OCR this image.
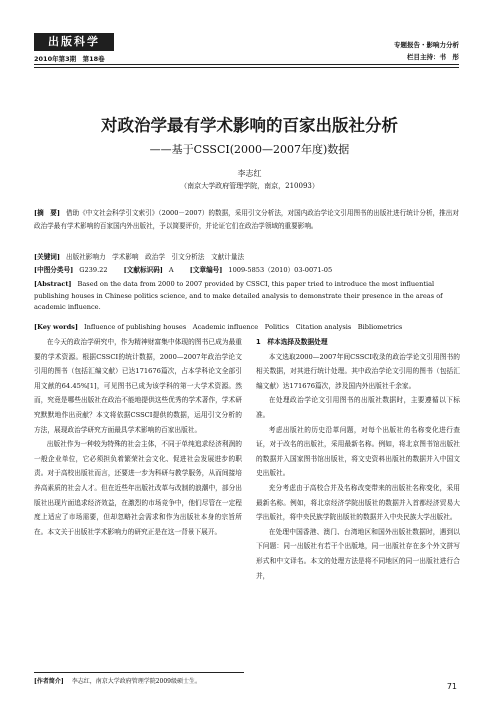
出版科学
2010年第3期　第18卷
专题报告・影响力分析
栏目主持：书　彤
对政治学最有学术影响的百家出版社分析
——基于CSSCI(2000—2007年度)数据
李志红
（南京大学政府管理学院，南京，210093）
[摘　要] 借助《中文社会科学引文索引》（2000－2007）的数据，采用引文分析法，对国内政治学论文引用图书的出版社进行统计分析，推出对政治学最有学术影响的百家国内外出版社，予以简要评价，并论证它们在政治学领域的重要影响。
[关键词] 出版社影响力　学术影响　政治学　引文分析法　文献计量法
[中图分类号] G239.22 [文献标识码] A [文章编号] 1009-5853（2010）03-0071-05
[Abstract] Based on the data from 2000 to 2007 provided by CSSCI, this paper tried to introduce the most influential publishing houses in Chinese politics science, and to make detailed analysis to demonstrate their presence in the areas of academic influence.
[Key words] Influence of publishing houses　Academic influence　Politics　Citation analysis　Bibliometrics

在今天的政治学研究中，作为精神财富集中体现的图书已成为最重要的学术资源。根据CSSCI的统计数据，2000—2007年政治学论文引用的图书（包括汇编文献）已达171676篇次，占本学科论文全部引用文献的64.45%[1]，可见图书已成为该学科的第一大学术资源。然而，究竟是哪些出版社在政治不能地提供这些优秀的学术著作，学术研究默默地作出贡献？本文将依据CSSCI提供的数据，运用引文分析的方法，展现政治学研究方面最具学术影响的百家出版社。

出版社作为一种较为特殊的社会主体，不同于单纯追求经济利润的一般企业单位，它必须担负着繁荣社会文化、促进社会发展进步的职责。对于高校出版社而言，还要进一步为科研与教学服务，从而间接培养高素质的社会人才。但在近些年出版社改革与改制的浪潮中，部分出版社出现片面追求经济效益，在激烈的市场竞争中，他们尽管在一定程度上适应了市场需要，但却忽略社会需求和作为出版社本身的宗旨所在。本文关于出版社学术影响力的研究正是在这一背景下展开。

1　样本选择及数据处理

本文选取2000—2007年间CSSCI收录的政治学论文引用图书的相关数据，对其进行统计处理。其中政治学论文引用的图书（包括汇编文献）达171676篇次，涉及国内外出版社千余家。

在处理政治学论文引用图书的出版社数据时，主要遵循以下标准。

考虑出版社的历史沿革问题，对每个出版社的名称变化进行查证，对于改名的出版社，采用最新名称。例如，将北京图书馆出版社的数据并入国家图书馆出版社，将文史资料出版社的数据并入中国文史出版社。

充分考虑由于高校合并及名称改变带来的出版社名称变化，采用最新名称。例如，将北京经济学院出版社的数据并入首都经济贸易大学出版社，将中央民族学院出版社的数据并入中央民族大学出版社。

在处理中国香港、澳门、台湾地区和国外出版社数据时，遇到以下问题：同一出版社有若干个出版地，同一出版社存在多个外文拼写形式和中文译名。本文的处理方法是将不同地区的同一出版社进行合并，

[作者简介] 李志红，南京大学政府管理学院2009级硕士生。
71
